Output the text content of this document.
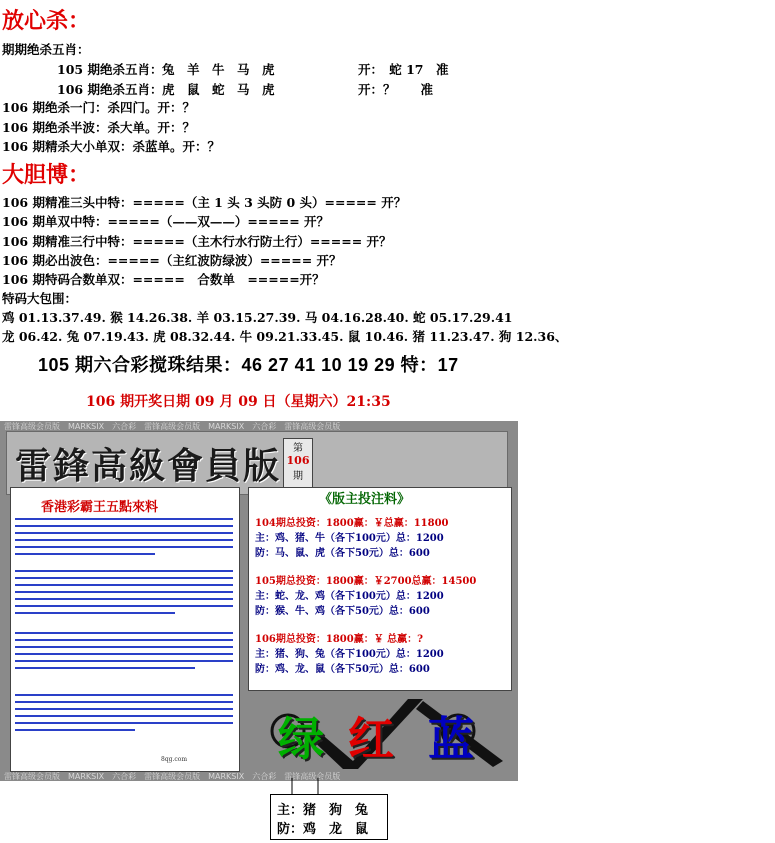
放心杀：
期期绝杀五肖：
105 期绝杀五肖： 兔　羊　牛　马　虎	开：　蛇 17　准
106 期绝杀五肖： 虎　鼠　蛇　马　虎	开：？　　准
106 期绝杀一门：杀四门。开：？
106 期绝杀半波：杀大单。开：？
106 期精杀大小单双：杀蓝单。开：？
大胆博：
106 期精准三头中特：=====（主 1 头 3 头防 0 头）===== 开？
106 期单双中特：=====（——双——）===== 开？
106 期精准三行中特：=====（主木行水行防土行）===== 开？
106 期必出波色：=====（主红波防绿波）===== 开？
106 期特码合数单双：=====　合数单　=====开？
特码大包围：
鸡 01.13.37.49. 猴 14.26.38. 羊 03.15.27.39. 马 04.16.28.40. 蛇 05.17.29.41
龙 06.42. 兔 07.19.43. 虎 08.32.44. 牛 09.21.33.45. 鼠 10.46. 猪 11.23.47. 狗 12.36、
105 期六合彩搅珠结果：46 27 41 10 19 29 特：17
106 期开奖日期 09 月 09 日（星期六）21:35
雷锋高级会员版　MARKSIX　六合彩　雷锋高级会员版　MARKSIX　六合彩　雷锋高级会员版
雷锋高级会员版　MARKSIX　六合彩　雷锋高级会员版　MARKSIX　六合彩　雷锋高级会员版
雷鋒高級會員版	第
106
期
香港彩霸王五點來料
8qg.com
《版主投注料》
104期总投资：1800赢：￥总赢：11800
主：鸡、猪、牛（各下100元）总：1200
防：马、鼠、虎（各下50元）总：600
105期总投资：1800赢：￥2700总赢：14500
主：蛇、龙、鸡（各下100元）总：1200
防：猴、牛、鸡（各下50元）总：600
106期总投资：1800赢：￥ 总赢：?
主：猪、狗、兔（各下100元）总：1200
防：鸡、龙、鼠（各下50元）总：600
绿 红 蓝
主：猪　狗　兔
防：鸡　龙　鼠
